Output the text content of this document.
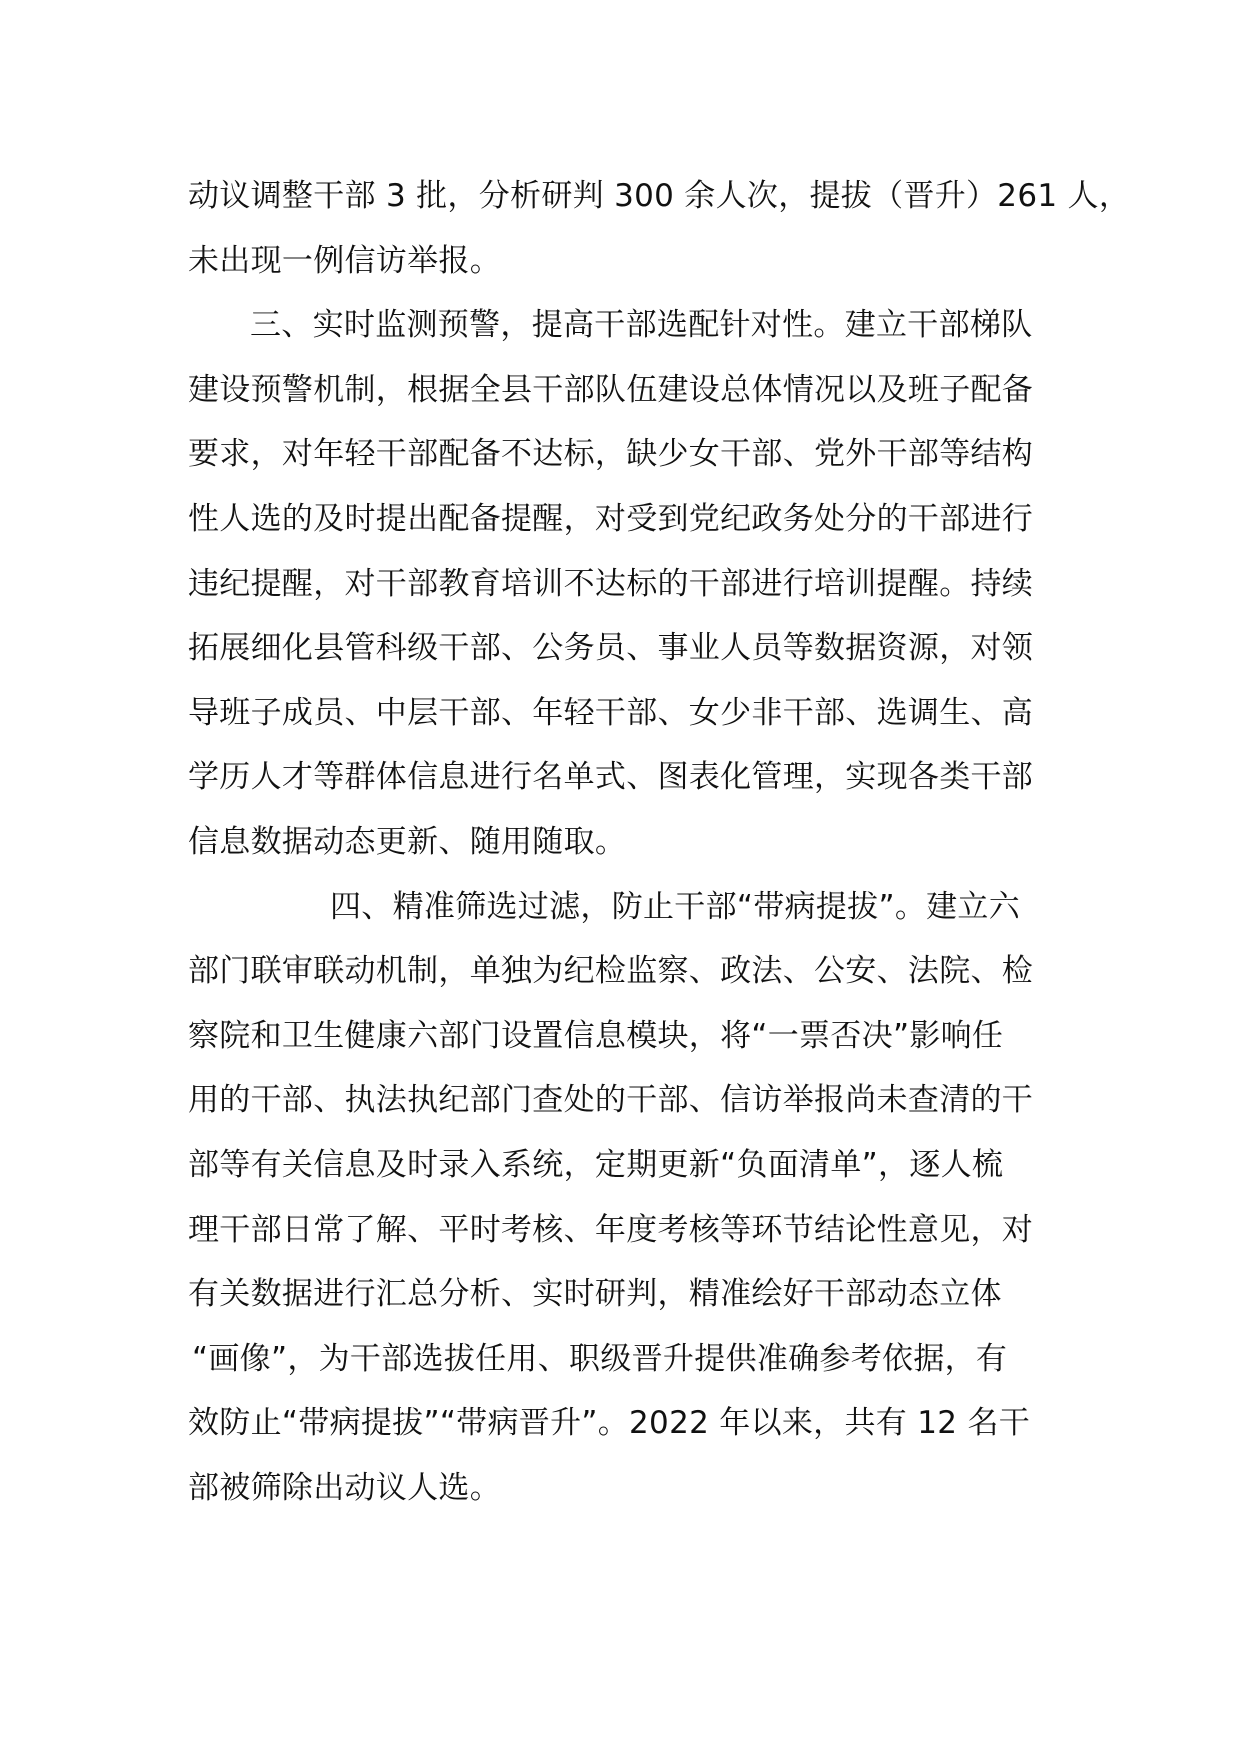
动议调整干部 3 批，分析研判 300 余人次，提拔（晋升）261 人，
未出现一例信访举报。
三、实时监测预警，提高干部选配针对性。建立干部梯队
建设预警机制，根据全县干部队伍建设总体情况以及班子配备
要求，对年轻干部配备不达标，缺少女干部、党外干部等结构
性人选的及时提出配备提醒，对受到党纪政务处分的干部进行
违纪提醒，对干部教育培训不达标的干部进行培训提醒。持续
拓展细化县管科级干部、公务员、事业人员等数据资源，对领
导班子成员、中层干部、年轻干部、女少非干部、选调生、高
学历人才等群体信息进行名单式、图表化管理，实现各类干部
信息数据动态更新、随用随取。
四、精准筛选过滤，防止干部“带病提拔”。建立六
部门联审联动机制，单独为纪检监察、政法、公安、法院、检
察院和卫生健康六部门设置信息模块，将“一票否决”影响任
用的干部、执法执纪部门查处的干部、信访举报尚未查清的干
部等有关信息及时录入系统，定期更新“负面清单”，逐人梳
理干部日常了解、平时考核、年度考核等环节结论性意见，对
有关数据进行汇总分析、实时研判，精准绘好干部动态立体
“画像”，为干部选拔任用、职级晋升提供准确参考依据，有
效防止“带病提拔”“带病晋升”。2022 年以来，共有 12 名干
部被筛除出动议人选。
